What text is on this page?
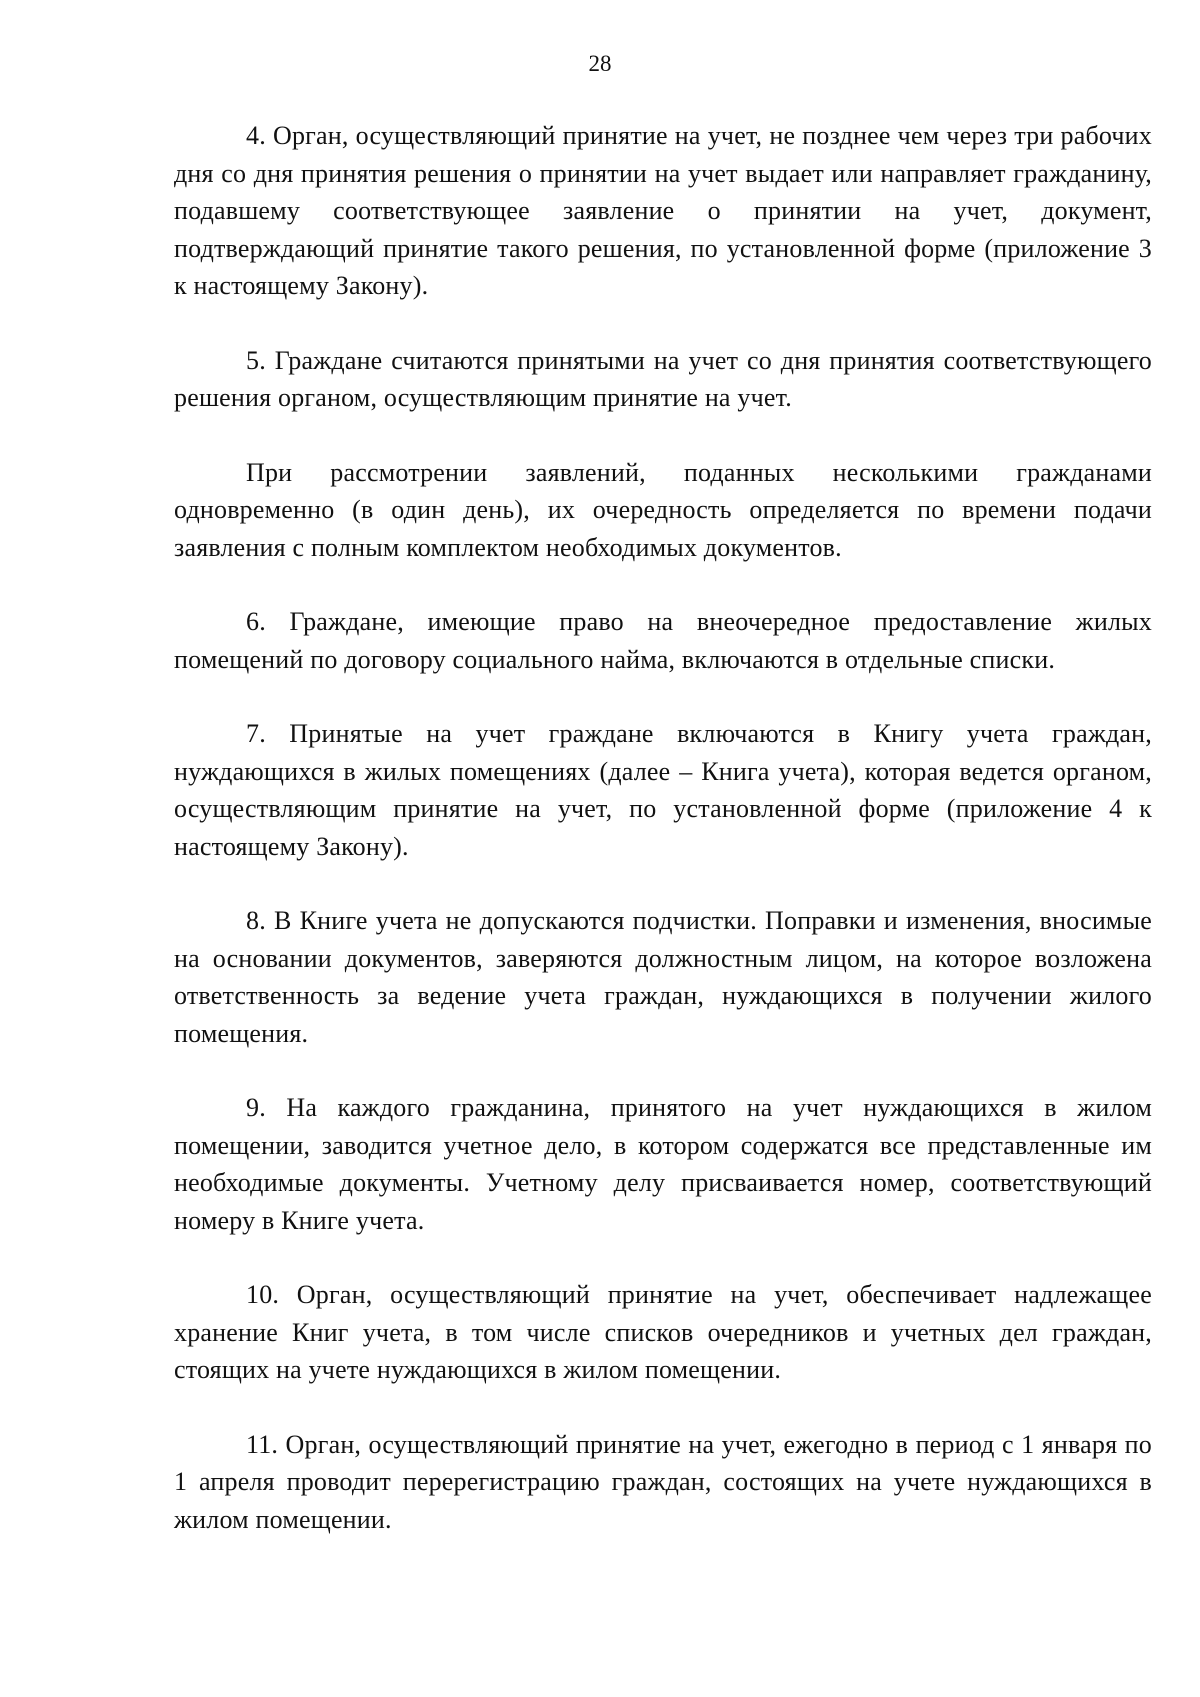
28

4. Орган, осуществляющий принятие на учет, не позднее чем через три рабочих дня со дня принятия решения о принятии на учет выдает или направляет гражданину, подавшему соответствующее заявление о принятии на учет, документ, подтверждающий принятие такого решения, по установленной форме (приложение 3 к настоящему Закону).

5. Граждане считаются принятыми на учет со дня принятия соответствующего решения органом, осуществляющим принятие на учет.

При рассмотрении заявлений, поданных несколькими гражданами одновременно (в один день), их очередность определяется по времени подачи заявления с полным комплектом необходимых документов.

6. Граждане, имеющие право на внеочередное предоставление жилых помещений по договору социального найма, включаются в отдельные списки.

7. Принятые на учет граждане включаются в Книгу учета граждан, нуждающихся в жилых помещениях (далее – Книга учета), которая ведется органом, осуществляющим принятие на учет, по установленной форме (приложение 4 к настоящему Закону).

8. В Книге учета не допускаются подчистки. Поправки и изменения, вносимые на основании документов, заверяются должностным лицом, на которое возложена ответственность за ведение учета граждан, нуждающихся в получении жилого помещения.

9. На каждого гражданина, принятого на учет нуждающихся в жилом помещении, заводится учетное дело, в котором содержатся все представленные им необходимые документы. Учетному делу присваивается номер, соответствующий номеру в Книге учета.

10. Орган, осуществляющий принятие на учет, обеспечивает надлежащее хранение Книг учета, в том числе списков очередников и учетных дел граждан, стоящих на учете нуждающихся в жилом помещении.

11. Орган, осуществляющий принятие на учет, ежегодно в период с 1 января по 1 апреля проводит перерегистрацию граждан, состоящих на учете нуждающихся в жилом помещении.
